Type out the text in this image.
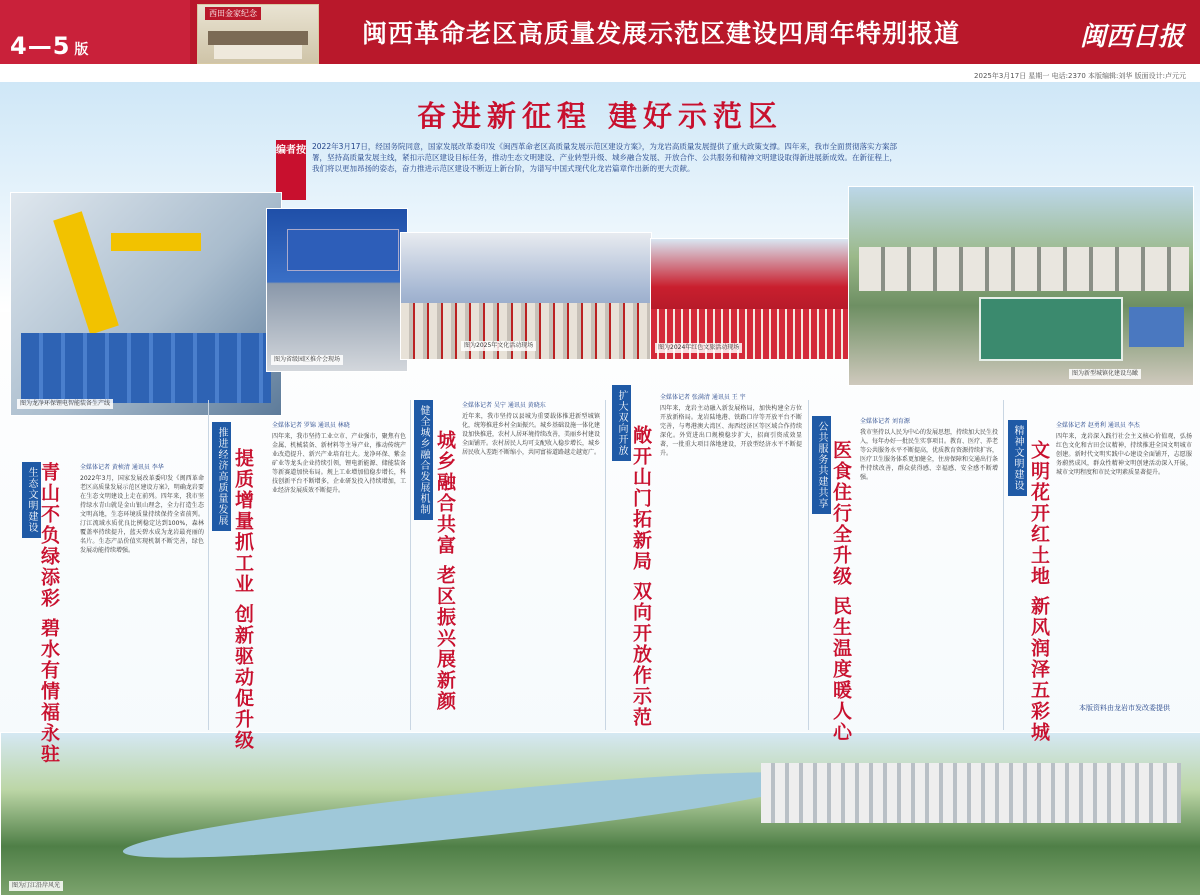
4—5 版
西田金家纪念
闽西革命老区高质量发展示范区建设四周年特别报道	闽西日报
2025年3月17日 星期一 电话:2370 本版编辑:刘华 版面设计:卢元元
奋进新征程 建好示范区
编者按 2022年3月17日，经国务院同意，国家发展改革委印发《闽西革命老区高质量发展示范区建设方案》，为龙岩高质量发展提供了重大政策支撑。四年来，我市全面贯彻落实方案部署，坚持高质量发展主线，紧扣示范区建设目标任务，推动生态文明建设、产业转型升级、城乡融合发展、开放合作、公共服务和精神文明建设取得新进展新成效。在新征程上，我们将以更加昂扬的姿态，奋力推进示范区建设不断迈上新台阶，为谱写中国式现代化龙岩篇章作出新的更大贡献。
图为龙净环保锂电智能装备生产线
图为省级园区推介会现场
图为2025年文化活动现场	图为2024年红色文旅活动现场
图为新型城镇化建设鸟瞰
图为汀江沿岸风光
生态文明建设 青山不负绿添彩 碧水有情福永驻	全媒体记者 黄桢清 通讯员 李华
2022年3月，国家发展改革委印发《闽西革命老区高质量发展示范区建设方案》，明确龙岩要在生态文明建设上走在前列。四年来，我市坚持绿水青山就是金山银山理念，全力打造生态文明高地，生态环境质量持续保持全省前列。汀江流域水质优良比例稳定达到100%，森林覆盖率持续提升，蓝天碧水成为龙岩最亮丽的名片。生态产品价值实现机制不断完善，绿色发展动能持续增强。
推进经济高质量发展 提质增量抓工业 创新驱动促升级
全媒体记者 罗锦 通讯员 林晓
四年来，我市坚持工业立市、产业强市，聚焦有色金属、机械装备、新材料等主导产业，推动传统产业改造提升、新兴产业培育壮大。龙净环保、紫金矿业等龙头企业持续引领，锂电新能源、储能装备等新赛道加快布局。规上工业增加值稳步增长，科技创新平台不断增多，企业研发投入持续增加，工业经济发展质效不断提升。	健全城乡融合发展机制 城乡融合共富 老区振兴展新颜
全媒体记者 吴宁 通讯员 黄晓东
近年来，我市坚持以县城为重要载体推进新型城镇化，统筹推进乡村全面振兴。城乡基础设施一体化建设加快推进，农村人居环境持续改善，美丽乡村建设全面铺开。农村居民人均可支配收入稳步增长，城乡居民收入差距不断缩小，共同富裕道路越走越宽广。	扩大双向开放
敞开山门拓新局 双向开放作示范
全媒体记者 张满清 通讯员 王 宇
四年来，龙岩主动融入新发展格局，加快构建全方位开放新格局。龙岩陆地港、铁路口岸等开放平台不断完善，与粤港澳大湾区、海西经济区等区域合作持续深化。外贸进出口规模稳步扩大，招商引资成效显著，一批重大项目落地建设，开放型经济水平不断提升。	公共服务共建共享 医食住行全升级 民生温度暖人心
全媒体记者 刘育源
我市坚持以人民为中心的发展思想，持续加大民生投入，每年办好一批民生实事项目。教育、医疗、养老等公共服务水平不断提高，优质教育资源持续扩容，医疗卫生服务体系更加健全，住房保障和交通出行条件持续改善，群众获得感、幸福感、安全感不断增强。	精神文明建设 文明花开红土地 新风润泽五彩城
全媒体记者 赵勇利 通讯员 李杰
四年来，龙岩深入践行社会主义核心价值观，弘扬红色文化和古田会议精神，持续推进全国文明城市创建。新时代文明实践中心建设全面铺开，志愿服务蔚然成风，群众性精神文明创建活动深入开展，城市文明程度和市民文明素质显著提升。
本版资料由龙岩市发改委提供
